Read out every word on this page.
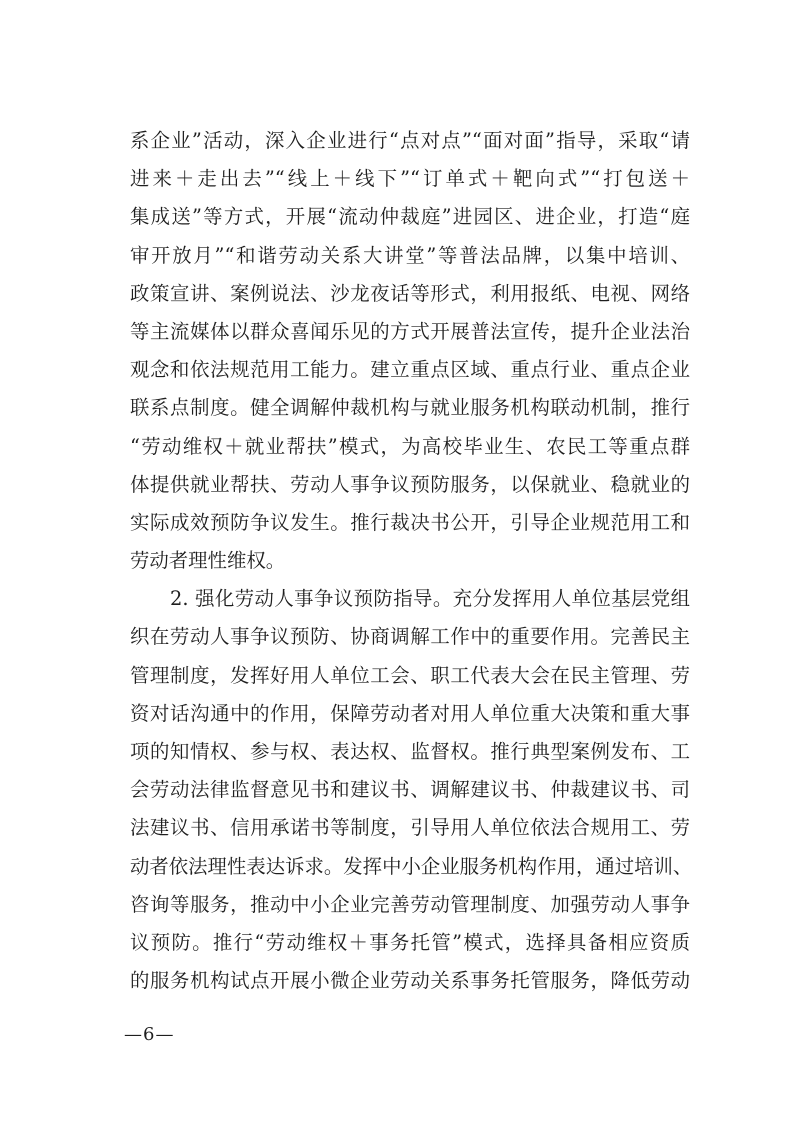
系企业”活动，深入企业进行“点对点”“面对面”指导，采取“请
进来＋走出去”“线上＋线下”“订单式＋靶向式”“打包送＋
集成送”等方式，开展“流动仲裁庭”进园区、进企业，打造“庭
审开放月”“和谐劳动关系大讲堂”等普法品牌，以集中培训、
政策宣讲、案例说法、沙龙夜话等形式，利用报纸、电视、网络
等主流媒体以群众喜闻乐见的方式开展普法宣传，提升企业法治
观念和依法规范用工能力。建立重点区域、重点行业、重点企业
联系点制度。健全调解仲裁机构与就业服务机构联动机制，推行
“劳动维权＋就业帮扶”模式，为高校毕业生、农民工等重点群
体提供就业帮扶、劳动人事争议预防服务，以保就业、稳就业的
实际成效预防争议发生。推行裁决书公开，引导企业规范用工和
劳动者理性维权。
2. 强化劳动人事争议预防指导。充分发挥用人单位基层党组
织在劳动人事争议预防、协商调解工作中的重要作用。完善民主
管理制度，发挥好用人单位工会、职工代表大会在民主管理、劳
资对话沟通中的作用，保障劳动者对用人单位重大决策和重大事
项的知情权、参与权、表达权、监督权。推行典型案例发布、工
会劳动法律监督意见书和建议书、调解建议书、仲裁建议书、司
法建议书、信用承诺书等制度，引导用人单位依法合规用工、劳
动者依法理性表达诉求。发挥中小企业服务机构作用，通过培训、
咨询等服务，推动中小企业完善劳动管理制度、加强劳动人事争
议预防。推行“劳动维权＋事务托管”模式，选择具备相应资质
的服务机构试点开展小微企业劳动关系事务托管服务，降低劳动
—6—
